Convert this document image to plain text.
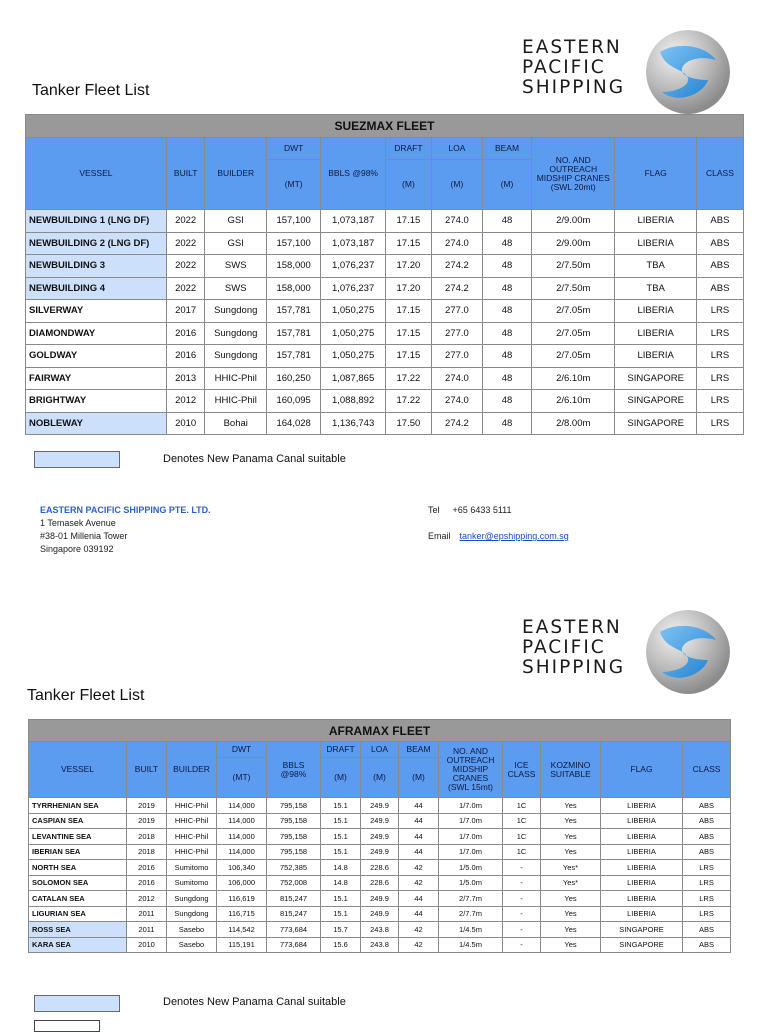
EASTERN
PACIFIC
SHIPPING
Tanker Fleet List
SUEZMAX FLEET										
VESSEL	BUILT	BUILDER	DWT	BBLS @98%	DRAFT	LOA	BEAM	NO. AND OUTREACH MIDSHIP CRANES (SWL 20mt)	FLAG	CLASS
			(MT)		(M)	(M)	(M)			
NEWBUILDING 1 (LNG DF)	2022	GSI	157,100	1,073,187	17.15	274.0	48	2/9.00m	LIBERIA	ABS
NEWBUILDING 2 (LNG DF)	2022	GSI	157,100	1,073,187	17.15	274.0	48	2/9.00m	LIBERIA	ABS
NEWBUILDING 3	2022	SWS	158,000	1,076,237	17.20	274.2	48	2/7.50m	TBA	ABS
NEWBUILDING 4	2022	SWS	158,000	1,076,237	17.20	274.2	48	2/7.50m	TBA	ABS
SILVERWAY	2017	Sungdong	157,781	1,050,275	17.15	277.0	48	2/7.05m	LIBERIA	LRS
DIAMONDWAY	2016	Sungdong	157,781	1,050,275	17.15	277.0	48	2/7.05m	LIBERIA	LRS
GOLDWAY	2016	Sungdong	157,781	1,050,275	17.15	277.0	48	2/7.05m	LIBERIA	LRS
FAIRWAY	2013	HHIC-Phil	160,250	1,087,865	17.22	274.0	48	2/6.10m	SINGAPORE	LRS
BRIGHTWAY	2012	HHIC-Phil	160,095	1,088,892	17.22	274.0	48	2/6.10m	SINGAPORE	LRS
NOBLEWAY	2010	Bohai	164,028	1,136,743	17.50	274.2	48	2/8.00m	SINGAPORE	LRS
Denotes New Panama Canal suitable
EASTERN PACIFIC SHIPPING PTE. LTD.
1 Temasek Avenue
#38-01 Millenia Tower
Singapore 039192
Tel +65 6433 5111
Email tanker@epshipping.com.sg
EASTERN
PACIFIC
SHIPPING
Tanker Fleet List
AFRAMAX FLEET												
VESSEL	BUILT	BUILDER	DWT	BBLS @98%	DRAFT	LOA	BEAM	NO. AND OUTREACH MIDSHIP CRANES (SWL 15mt)	ICE CLASS	KOZMINO SUITABLE	FLAG	CLASS
			(MT)		(M)	(M)	(M)					
TYRRHENIAN SEA	2019	HHIC-Phil	114,000	795,158	15.1	249.9	44	1/7.0m	1C	Yes	LIBERIA	ABS
CASPIAN SEA	2019	HHIC-Phil	114,000	795,158	15.1	249.9	44	1/7.0m	1C	Yes	LIBERIA	ABS
LEVANTINE SEA	2018	HHIC-Phil	114,000	795,158	15.1	249.9	44	1/7.0m	1C	Yes	LIBERIA	ABS
IBERIAN SEA	2018	HHIC-Phil	114,000	795,158	15.1	249.9	44	1/7.0m	1C	Yes	LIBERIA	ABS
NORTH SEA	2016	Sumitomo	106,340	752,385	14.8	228.6	42	1/5.0m	-	Yes*	LIBERIA	LRS
SOLOMON SEA	2016	Sumitomo	106,000	752,008	14.8	228.6	42	1/5.0m	-	Yes*	LIBERIA	LRS
CATALAN SEA	2012	Sungdong	116,619	815,247	15.1	249.9	44	2/7.7m	-	Yes	LIBERIA	LRS
LIGURIAN SEA	2011	Sungdong	116,715	815,247	15.1	249.9	44	2/7.7m	-	Yes	LIBERIA	LRS
ROSS SEA	2011	Sasebo	114,542	773,684	15.7	243.8	42	1/4.5m	-	Yes	SINGAPORE	ABS
KARA SEA	2010	Sasebo	115,191	773,684	15.6	243.8	42	1/4.5m	-	Yes	SINGAPORE	ABS
Denotes New Panama Canal suitable
